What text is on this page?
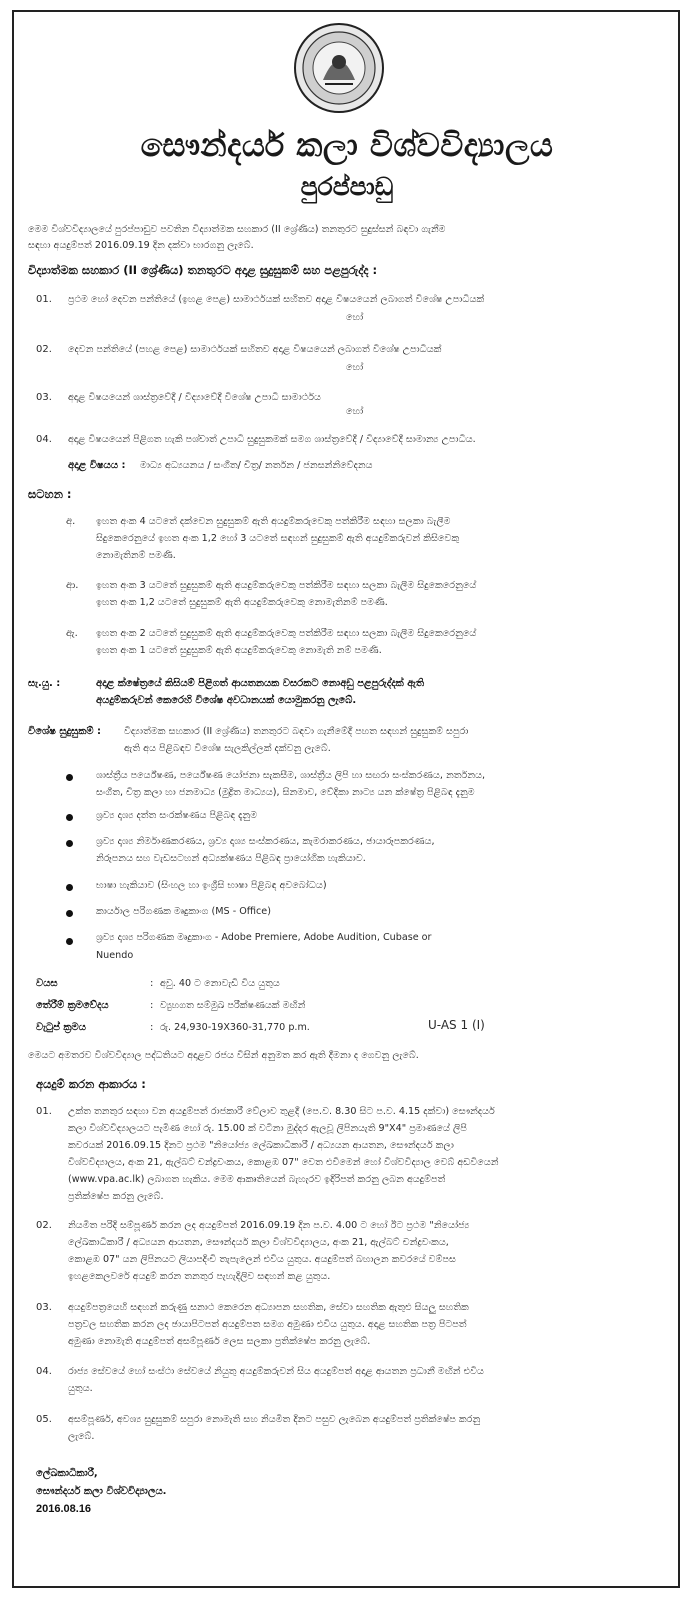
සෞන්දර්ය කලා විශ්වවිද්‍යාලය
පුරප්පාඩු
මෙම විශ්වවිද්‍යාලයේ පුරප්පාඩුව පවතින විද්‍යාත්මක සහකාර (II ශ්‍රේණිය) තනතුරට සුදුස්සන් බඳවා ගැනීම
සඳහා අයදුම්පත් 2016.09.19 දින දක්වා භාරගනු ලැබේ.
විද්‍යාත්මක සහකාර (II ශ්‍රේණිය) තනතුරට අදාළ සුදුසුකම් සහ පළපුරුද්ද :
01. ප්‍රථම හෝ දෙවන පන්තියේ (ඉහළ පෙළ) සාමාර්ථයක් සහිතව අදාළ විෂයයෙන් ලබාගත් විශේෂ උපාධියක්
හෝ
02. දෙවන පන්තියේ (පහළ පෙළ) සාමාර්ථයක් සහිතව අදාළ විෂයයෙන් ලබාගත් විශේෂ උපාධියක්
හෝ
03. අදාළ විෂයයෙන් ශාස්ත්‍රවේදී / විද්‍යාවේදී විශේෂ උපාධි සාමාර්ථය
හෝ
04. අදාළ විෂයයෙන් පිළිගත හැකි පශ්චාත් උපාධි සුදුසුකමක් සමග ශාස්ත්‍රවේදී / විද්‍යාවේදී සාමාන්‍ය උපාධිය.
අදාළ විෂයය : මාධ්‍ය අධ්‍යයනය / සංගීත/ චිත්‍ර/ නර්තන / ජනසන්නිවේදනය
සටහන :
අ. ඉහත අංක 4 යටතේ දක්වෙන සුදුසුකම් ඇති අයදුම්කරුවෙකු පත්කිරීම සඳහා සලකා බැලීම
සිදුකෙරෙනුයේ ඉහත අංක 1,2 හෝ 3 යටතේ සඳහන් සුදුසුකම් ඇති අයදුම්කරුවන් කිසිවෙකු
නොමැතිනම් පමණි.
ආ. ඉහත අංක 3 යටතේ සුදුසුකම් ඇති අයදුම්කරුවෙකු පත්කිරීම සඳහා සලකා බැලීම සිදුකෙරෙනුයේ
ඉහත අංක 1,2 යටතේ සුදුසුකම් ඇති අයදුම්කරුවෙකු නොමැතිනම් පමණි.
ඇ. ඉහත අංක 2 යටතේ සුදුසුකම් ඇති අයදුම්කරුවෙකු පත්කිරීම සඳහා සලකා බැලීම සිදුකෙරෙනුයේ
ඉහත අංක 1 යටතේ සුදුසුකම් ඇති අයදුම්කරුවෙකු නොමැති නම් පමණි.
සැ.යු. :	අදාළ ක්ෂේත්‍රයේ කිසියම් පිළිගත් ආයතනයක වසරකට නොඅඩු පළපුරුද්දක් ඇති
අයදුම්කරුවන් කෙරෙහි විශේෂ අවධානයක් යොමුකරනු ලැබේ.
විශේෂ සුදුසුකම් : විද්‍යාත්මක සහකාර (II ශ්‍රේණිය) තනතුරට බඳවා ගැනීමේදී පහත සඳහන් සුදුසුකම් සපුරා
ඇති අය පිළිබඳව විශේෂ සැලකිල්ලක් දක්වනු ලැබේ.
ශාස්ත්‍රීය පර්යේෂණ, පර්යේෂණ යෝජනා සැකසීම, ශාස්ත්‍රීය ලිපි හා සඟරා සංස්කරණය, නර්තනය,
සංගීත, චිත්‍ර කලා හා ජනමාධ්‍ය (මුද්‍රිත මාධ්‍යය), සිනමාව, වේදිකා නාට්‍ය යන ක්ෂේත්‍ර පිළිබඳ දැනුම
ශ්‍රව්‍ය දෘශ්‍ය දත්ත සංරක්ෂණය පිළිබඳ දැනුම
ශ්‍රව්‍ය දෘශ්‍ය නිර්මාණකරණය, ශ්‍රව්‍ය දෘශ්‍ය සංස්කරණය, කැමරාකරණය, ඡායාරූපකරණය,
නිරූපනය සහ වැඩසටහන් අධ්‍යක්ෂණය පිළිබඳ ප්‍රායෝගික හැකියාව.
භාෂා හැකියාව (සිංහල හා ඉංග්‍රීසි භාෂා පිළිබඳ අවබෝධය)
කාර්යාල පරිගණක මෘදුකාංග (MS - Office)
ශ්‍රව්‍ය දෘශ්‍ය පරිගණක මෘදුකාංග - Adobe Premiere, Adobe Audition, Cubase or
Nuendo
වයස	: අවු. 40 ට නොවැඩි විය යුතුය
තේරීම් ක්‍රමවේදය	: ව්‍යුහගත සම්මුඛ පරීක්ෂණයක් මඟින්
වැටුප් ක්‍රමය	: රු. 24,930-19X360-31,770 p.m.	U-AS 1 (I)
මෙයට අමතරව විශ්වවිද්‍යාල පද්ධතියට අදාළව රජය විසින් අනුමත කර ඇති දීමනා ද ගෙවනු ලැබේ.
අයදුම් කරන ආකාරය :
01. උක්ත තනතුර සඳහා වන අයදුම්පත් රාජකාරී වේලාව තුළදී (පෙ.ව. 8.30 සිට ප.ව. 4.15 දක්වා) සෞන්දර්ය
කලා විශ්වවිද්‍යාලයට පැමිණ හෝ රු. 15.00 ක් වටිනා මුද්දර ඇලවූ ලිපිනයැති 9"X4" ප්‍රමාණයේ ලිපි
කවරයක් 2016.09.15 දිනට ප්‍රථම "නියෝජ්‍ය ලේඛකාධිකාරී / අධ්‍යයන ආයතන, සෞන්දර්ය කලා
විශ්වවිද්‍යාලය, අංක 21, ඇල්බට් චන්ද්‍රවංකය, කොළඹ 07" වෙත එවීමෙන් හෝ විශ්වවිද්‍යාල වෙබ් අඩවියෙන්
(www.vpa.ac.lk) ලබාගත හැකිය. මෙම ආකෘතියෙන් බැහැරව ඉදිරිපත් කරනු ලබන අයදුම්පත්
ප්‍රතික්ෂේප කරනු ලැබේ.
02. නියමිත පරිදි සම්පූර්ණ කරන ලද අයදුම්පත් 2016.09.19 දින ප.ව. 4.00 ට හෝ ඊට ප්‍රථම "නියෝජ්‍ය
ලේඛකාධිකාරී / අධ්‍යයන ආයතන, සෞන්දර්ය කලා විශ්වවිද්‍යාලය, අංක 21, ඇල්බට් චන්ද්‍රවංකය,
කොළඹ 07" යන ලිපිනයට ලියාපදිංචි තැපැලෙන් එවිය යුතුය. අයදුම්පත් බහාලන කවරයේ වම්පස
ඉහළකෙලවරේ අයදුම් කරන තනතුර පැහැදිලිව සඳහන් කළ යුතුය.
03. අයදුම්පත්‍රයෙහි සඳහන් කරුණු සනාථ කෙරෙන අධ්‍යාපන සහතික, සේවා සහතික ඇතුළු සියලු සහතික
පත්‍රවල සහතික කරන ලද ඡායාපිටපත් අයදුම්පත සමග අමුණා එවිය යුතුය. අදාළ සහතික පත්‍ර පිටපත්
අමුණා නොමැති අයදුම්පත් අසම්පූර්ණ ලෙස සලකා ප්‍රතික්ෂේප කරනු ලැබේ.
04. රාජ්‍ය සේවයේ හෝ සංස්ථා සේවයේ නියුතු අයදුම්කරුවන් සිය අයදුම්පත් අදාළ ආයතන ප්‍රධානී මඟින් එවිය
යුතුය.
05. අසම්පූර්ණ, අවශ්‍ය සුදුසුකම් සපුරා නොමැති සහ නියමිත දිනට පසුව ලැබෙන අයදුම්පත් ප්‍රතික්ෂේප කරනු
ලැබේ.
ලේඛකාධිකාරී,
සෞන්දර්ය කලා විශ්වවිද්‍යාලය.
2016.08.16
